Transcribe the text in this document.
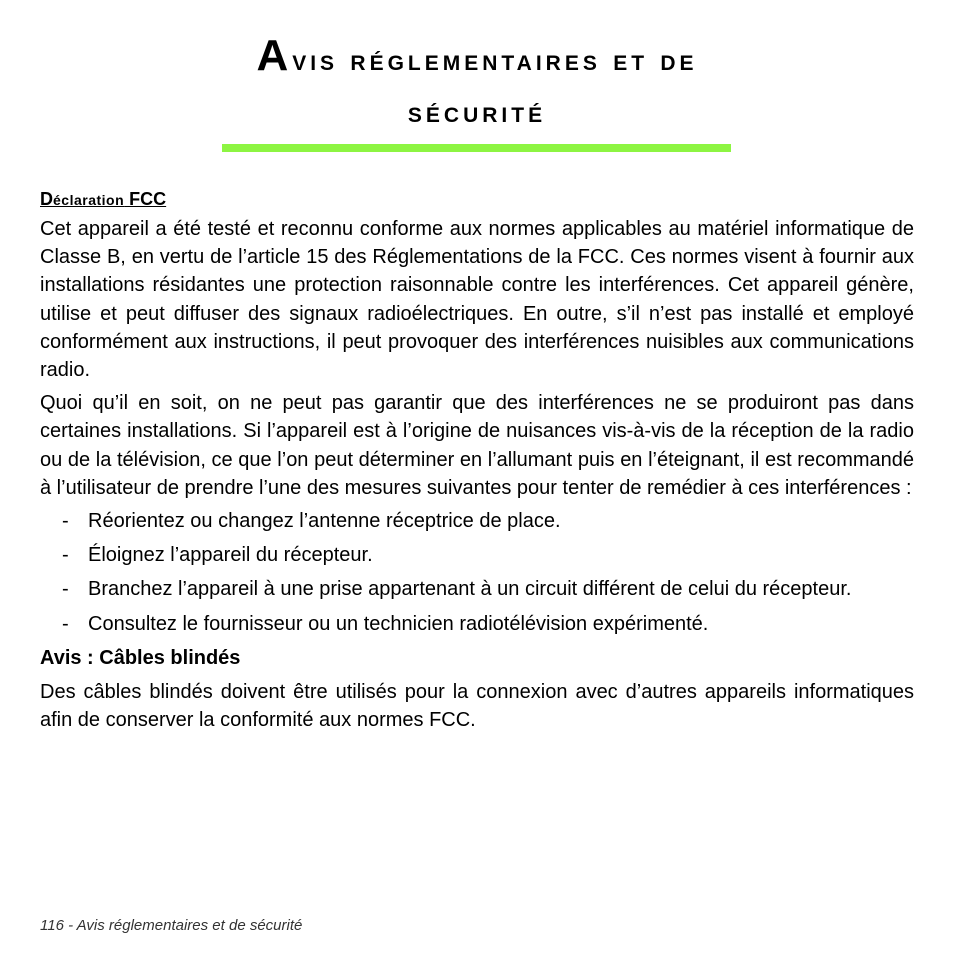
Avis réglementaires et de
sécurité
Déclaration FCC

Cet appareil a été testé et reconnu conforme aux normes applicables au matériel informatique de Classe B, en vertu de l’article 15 des Réglementations de la FCC. Ces normes visent à fournir aux installations résidantes une protection raisonnable contre les interférences. Cet appareil génère, utilise et peut diffuser des signaux radioélectriques. En outre, s’il n’est pas installé et employé conformément aux instructions, il peut provoquer des interférences nuisibles aux communications radio.

Quoi qu’il en soit, on ne peut pas garantir que des interférences ne se produiront pas dans certaines installations. Si l’appareil est à l’origine de nuisances vis-à-vis de la réception de la radio ou de la télévision, ce que l’on peut déterminer en l’allumant puis en l’éteignant, il est recommandé à l’utilisateur de prendre l’une des mesures suivantes pour tenter de remédier à ces interférences :

- Réorientez ou changez l’antenne réceptrice de place.
- Éloignez l’appareil du récepteur.
- Branchez l’appareil à une prise appartenant à un circuit différent de celui du récepteur.
- Consultez le fournisseur ou un technicien radiotélévision expérimenté.
Avis : Câbles blindés

Des câbles blindés doivent être utilisés pour la connexion avec d’autres appareils informatiques afin de conserver la conformité aux normes FCC.

116 - Avis réglementaires et de sécurité
